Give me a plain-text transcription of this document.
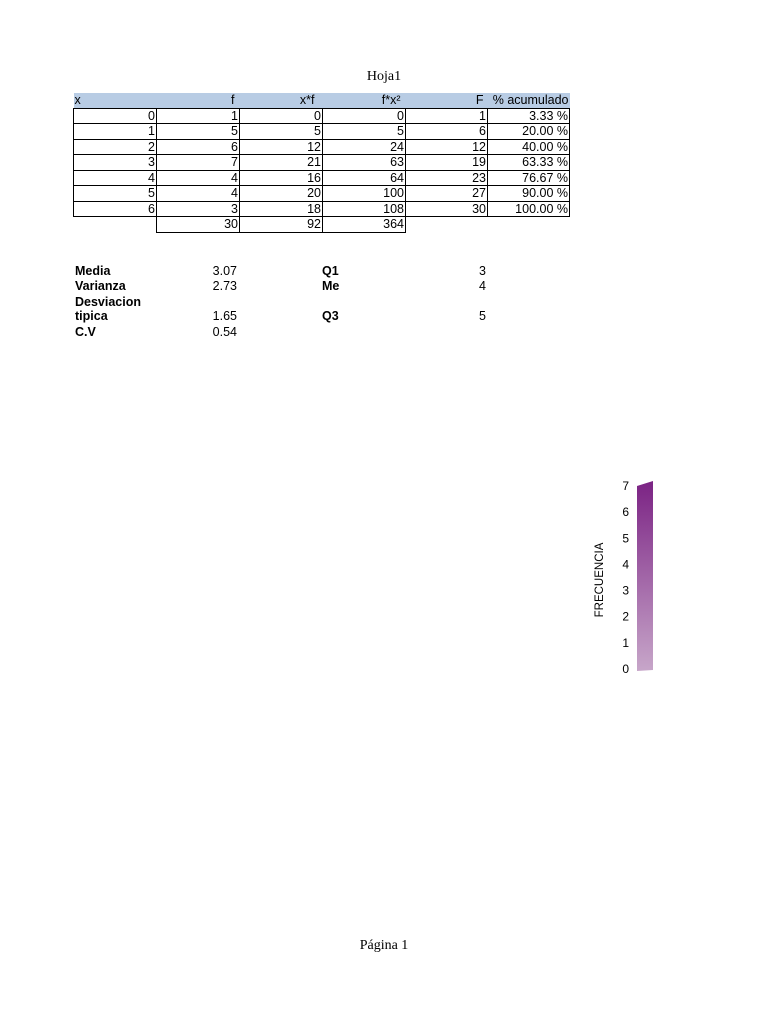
Hoja1
x	f	x*f	f*x²	F	% acumulado
0	1	0	0	1	3.33 %
1	5	5	5	6	20.00 %
2	6	12	24	12	40.00 %
3	7	21	63	19	63.33 %
4	4	16	64	23	76.67 %
5	4	20	100	27	90.00 %
6	3	18	108	30	100.00 %
	30	92	364		
Media	3.07
Varianza	2.73
Desviacion
tipica	1.65
C.V	0.54
Q1	3
Me	4
Q3	5
FRECUENCIA
0
1
2
3
4
5
6
7
Página 1
